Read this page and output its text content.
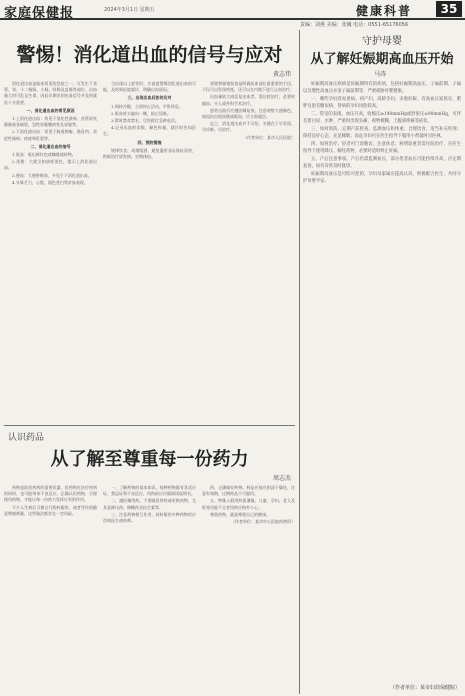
家庭保健报	2024年3月1日 星期五	健康科普	35
责编：刘燕 美编：张巍 电话：0551-65176056
警惕！消化道出血的信号与应对
黄志伟

消化道出血是临床常见的急症之一，可发生于食管、胃、十二指肠、小肠、结肠及直肠等部位。出血量大时可危及生命，因此早期识别出血信号并及时就医十分重要。

一、消化道出血的常见原因

1.上消化道出血：常见于消化性溃疡、食管胃底静脉曲张破裂、急性胃黏膜病变及胃癌等。

2.下消化道出血：常见于肠道肿瘤、肠息肉、炎症性肠病、痔疮和肛裂等。

二、消化道出血的信号

1.呕血：呕出鲜红色或咖啡渣样物。

2.黑便：大便呈柏油样黑色，提示上消化道出血。

3.便血：大便带鲜血，多见于下消化道出血。

4.头晕乏力、心慌、面色苍白等贫血表现。

当出现以上症状时，应高度警惕消化道出血的可能，及时到医院就诊，明确出血原因。

三、出现出血后如何应对

1.保持冷静，立即停止活动，平卧休息。

2.呕血时头偏向一侧，防止误吸。

3.暂时禁食禁水，尽快拨打急救电话。

4.记录出血的次数、颜色和量，就诊时告知医生。

四、预防措施

规律饮食，戒烟限酒，避免滥用非甾体抗炎药，积极治疗原发病，定期体检。

胃镜和肠镜检查是明确出血部位最重要的手段，不仅可以发现病变，还可以在内镜下进行止血治疗。

出血量较大或反复出血者，需住院治疗，必要时输血、介入或外科手术治疗。

患者出院后应遵医嘱复查，注意观察大便颜色，如再次出现黑便或呕血，应立即就医。

总之，消化道出血并不可怕，关键在于早发现、早诊断、早治疗。

（作者单位：某市人民医院）

认识药品
从了解至尊重每一份药力
周志杰

药物是防治疾病的重要武器，但药物在治疗疾病的同时，也可能带来不良反应。正确认识药物、合理使用药物，才能让每一份药力发挥应有的作用。

不少人生病后习惯自行购药服用，或者凭经验随意增减剂量，这些做法都存在一定风险。

一、了解药物的基本知识。每种药物都有其适应证、禁忌证和不良反应，用药前应仔细阅读说明书。

二、遵医嘱用药。不要随意停药或更换药物，尤其是降压药、降糖药及抗生素等。

三、注意药物相互作用，同时服用多种药物时应咨询医生或药师。

四、正确储存药物。药品应放在阴凉干燥处，注意有效期，过期药品不可服用。

五、特殊人群用药需谨慎。儿童、孕妇、老人及肝肾功能不全者用药应格外小心。

尊重药物，就是尊重自己的健康。

（作者单位：某市中心医院药剂科）

守护母婴
从了解妊娠期高血压开始
马涛

妊娠期高血压疾病是妊娠期特有的疾病，包括妊娠期高血压、子痫前期、子痫以及慢性高血压并发子痫前期等，严重威胁母婴健康。

一、哪些孕妇容易患病。初产妇、高龄孕妇、多胎妊娠、有高血压家族史、肥胖及患有糖尿病、肾病的孕妇风险较高。

二、常见的表现。血压升高，收缩压≥140mmHg或舒张压≥90mmHg，可伴有蛋白尿、水肿，严重时出现头痛、视物模糊、上腹部疼痛等症状。

三、如何预防。定期产前检查，监测血压和体重；合理饮食，适当补充钙剂；保持良好心态，充足睡眠；高危孕妇可在医生指导下服用小剂量阿司匹林。

四、如何治疗。轻者可门诊随访，注意休息；病情较重者需住院治疗，在医生指导下使用降压、解痉药物，必要时适时终止妊娠。

五、产后注意事项。产后仍需监测血压，部分患者血压可能持续升高，应定期复查，如有异常及时就诊。

妊娠期高血压是可防可控的，孕妇及家属应提高认识，积极配合医生，共同守护母婴平安。

（作者单位：某市妇幼保健院）
